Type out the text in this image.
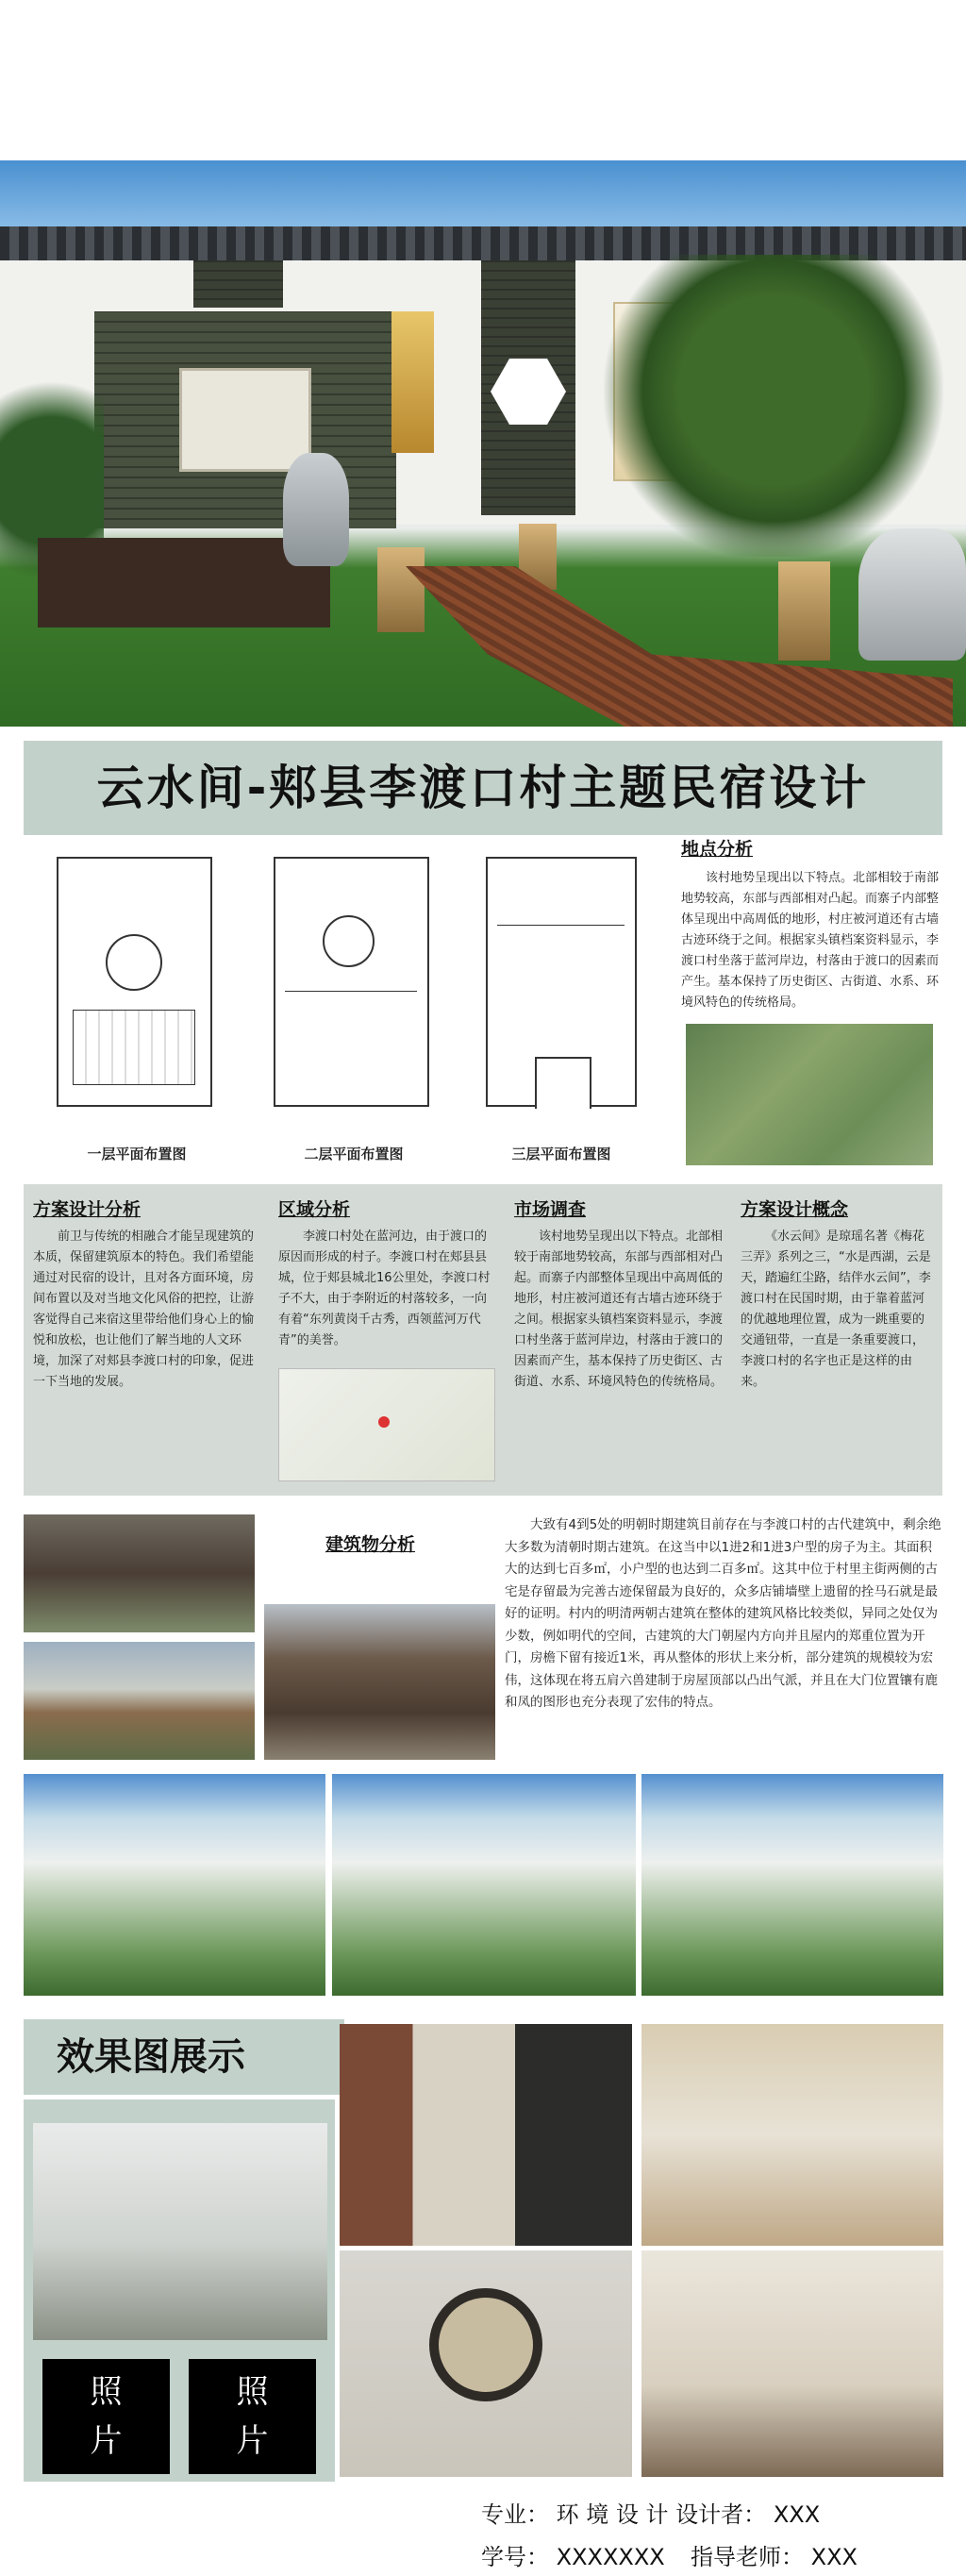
云水间-郏县李渡口村主题民宿设计
一层平面布置图	二层平面布置图	三层平面布置图
地点分析

该村地势呈现出以下特点。北部相较于南部地势较高，东部与西部相对凸起。而寨子内部整体呈现出中高周低的地形，村庄被河道还有古墙古迹环绕于之间。根据家头镇档案资料显示，李渡口村坐落于蓝河岸边，村落由于渡口的因素而产生。基本保持了历史街区、古街道、水系、环境风特色的传统格局。

方案设计分析

前卫与传统的相融合才能呈现建筑的本质，保留建筑原本的特色。我们希望能通过对民宿的设计，且对各方面环境，房间布置以及对当地文化风俗的把控，让游客觉得自己来宿这里带给他们身心上的愉悦和放松，也让他们了解当地的人文环境，加深了对郏县李渡口村的印象，促进一下当地的发展。

区域分析

李渡口村处在蓝河边，由于渡口的原因而形成的村子。李渡口村在郏县县城，位于郏县城北16公里处，李渡口村子不大，由于李附近的村落较多，一向有着“东列黄岗千古秀，西领蓝河万代青”的美誉。

市场调查

该村地势呈现出以下特点。北部相较于南部地势较高，东部与西部相对凸起。而寨子内部整体呈现出中高周低的地形，村庄被河道还有古墙古迹环绕于之间。根据家头镇档案资料显示，李渡口村坐落于蓝河岸边，村落由于渡口的因素而产生，基本保持了历史街区、古街道、水系、环境风特色的传统格局。

方案设计概念

《水云间》是琼瑶名著《梅花三弄》系列之三，“水是西湖，云是天，踏遍红尘路，结伴水云间”，李渡口村在民国时期，由于靠着蓝河的优越地理位置，成为一跳重要的交通钮带，一直是一条重要渡口，李渡口村的名字也正是这样的由来。

建筑物分析

大致有4到5处的明朝时期建筑目前存在与李渡口村的古代建筑中，剩余绝大多数为清朝时期古建筑。在这当中以1进2和1进3户型的房子为主。其面积大的达到七百多㎡，小户型的也达到二百多㎡。这其中位于村里主街两侧的古宅是存留最为完善古迹保留最为良好的，众多店铺墙壁上遗留的拴马石就是最好的证明。村内的明清两朝古建筑在整体的建筑风格比较类似，异同之处仅为少数，例如明代的空间，古建筑的大门朝屋内方向并且屋内的郑重位置为开门，房檐下留有接近1米，再从整体的形状上来分析，部分建筑的规模较为宏伟，这体现在将五肩六兽建制于房屋顶部以凸出气派，并且在大门位置镶有鹿和凤的图形也充分表现了宏伟的特点。

效果图展示
照
片
照
片
专业： 环 境 设 计 设计者： XXX
学号： XXXXXXX 指导老师： XXX
